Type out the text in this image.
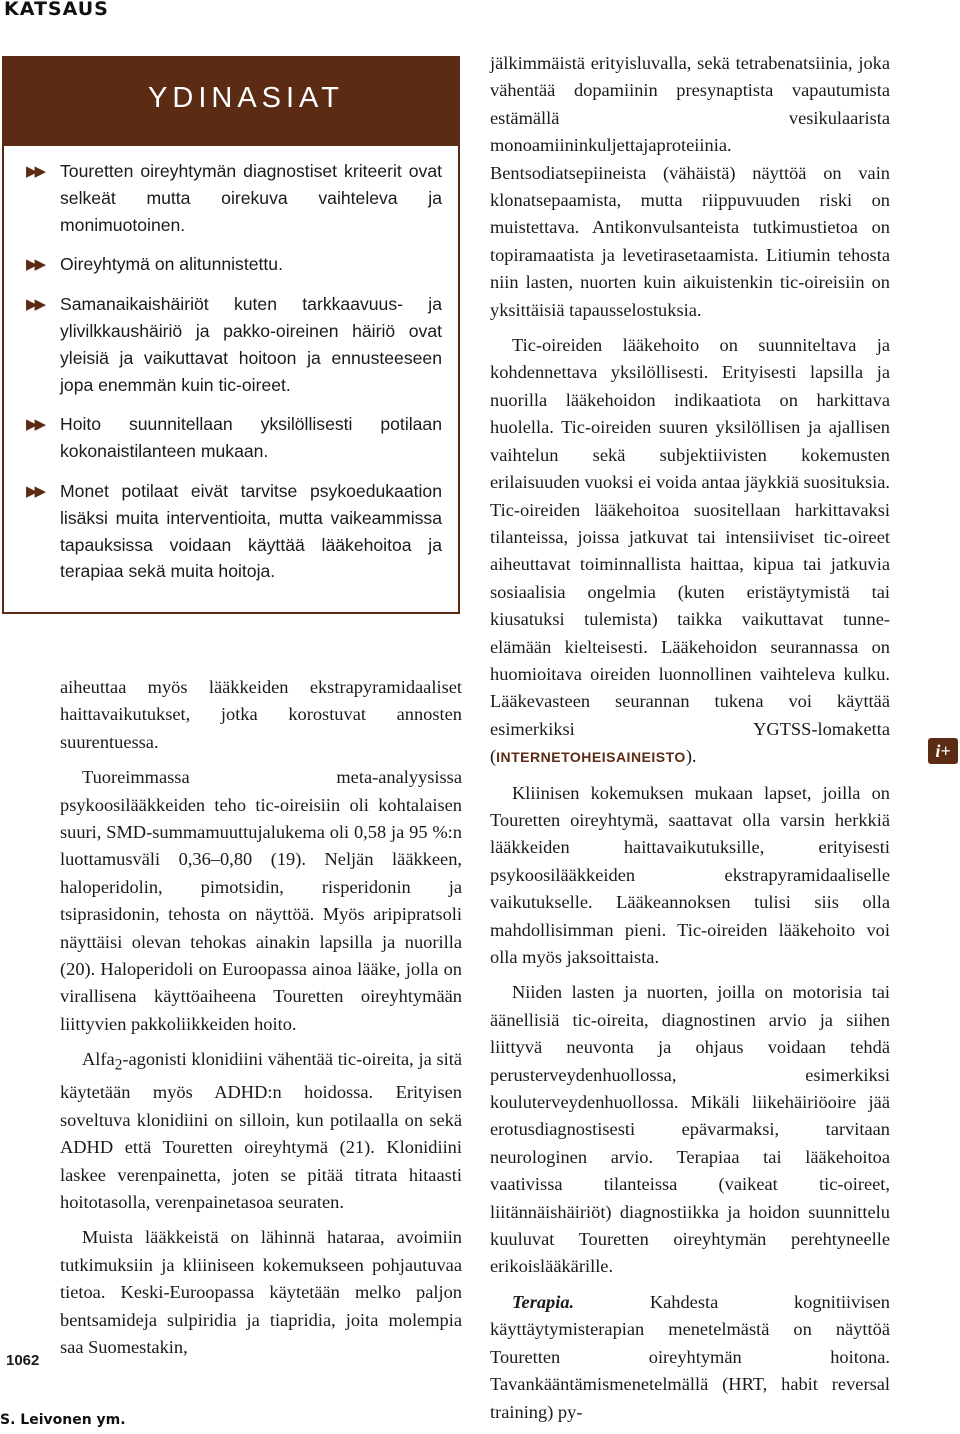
KATSAUS
YDINASIAT
▶▶ Touretten oireyhtymän diagnostiset kriteerit ovat selkeät mutta oirekuva vaihteleva ja monimuotoinen.
▶▶ Oireyhtymä on alitunnistettu.
▶▶ Samanaikaishäiriöt kuten tarkkaavuus- ja ylivilkkaushäiriö ja pakko-oireinen häiriö ovat yleisiä ja vaikuttavat hoitoon ja ennusteeseen jopa enemmän kuin tic-oireet.
▶▶ Hoito suunnitellaan yksilöllisesti potilaan kokonaistilanteen mukaan.
▶▶ Monet potilaat eivät tarvitse psykoedukaation lisäksi muita interventioita, mutta vaikeammissa tapauksissa voidaan käyttää lääkehoitoa ja terapiaa sekä muita hoitoja.

aiheuttaa myös lääkkeiden ekstrapyramidaaliset haittavaikutukset, jotka korostuvat annosten suurentuessa.

Tuoreimmassa meta-analyysissa psykoosilääkkeiden teho tic-oireisiin oli kohtalaisen suuri, SMD-summamuuttujalukema oli 0,58 ja 95 %:n luottamusväli 0,36–0,80 (19). Neljän lääkkeen, haloperidolin, pimotsidin, risperidonin ja tsiprasidonin, tehosta on näyttöä. Myös aripipratsoli näyttäisi olevan tehokas ainakin lapsilla ja nuorilla (20). Haloperidoli on Euroopassa ainoa lääke, jolla on virallisena käyttöaiheena Touretten oireyhtymään liittyvien pakkoliikkeiden hoito.

Alfa$_2$-agonisti klonidiini vähentää tic-oireita, ja sitä käytetään myös ADHD:n hoidossa. Erityisen soveltuva klonidiini on silloin, kun potilaalla on sekä ADHD että Touretten oireyhtymä (21). Klonidiini laskee verenpainetta, joten se pitää titrata hitaasti hoitotasolla, verenpainetasoa seuraten.

Muista lääkkeistä on lähinnä hataraa, avoimiin tutkimuksiin ja kliiniseen kokemukseen pohjautuvaa tietoa. Keski-Euroopassa käytetään melko paljon bentsamideja sulpiridia ja tiapridia, joita molempia saa Suomestakin,

jälkimmäistä erityisluvalla, sekä tetrabenatsiinia, joka vähentää dopamiinin presynaptista vapautumista estämällä vesikulaarista monoamiininkuljettajaproteiinia. Bentsodiatsepiineista (vähäistä) näyttöä on vain klonatsepaamista, mutta riippuvuuden riski on muistettava. Antikonvulsanteista tutkimustietoa on topiramaatista ja levetirasetaamista. Litiumin tehosta niin lasten, nuorten kuin aikuistenkin tic-oireisiin on yksittäisiä tapausselostuksia.

Tic-oireiden lääkehoito on suunniteltava ja kohdennettava yksilöllisesti. Erityisesti lapsilla ja nuorilla lääkehoidon indikaatiota on harkittava huolella. Tic-oireiden suuren yksilöllisen ja ajallisen vaihtelun sekä subjektiivisten kokemusten erilaisuuden vuoksi ei voida antaa jäykkiä suosituksia. Tic-oireiden lääkehoitoa suositellaan harkittavaksi tilanteissa, joissa jatkuvat tai intensiiviset tic-oireet aiheuttavat toiminnallista haittaa, kipua tai jatkuvia sosiaalisia ongelmia (kuten eristäytymistä tai kiusatuksi tulemista) taikka vaikuttavat tunne-elämään kielteisesti. Lääkehoidon seurannassa on huomioitava oireiden luonnollinen vaihteleva kulku. Lääkevasteen seurannan tukena voi käyttää esimerkiksi YGTSS-lomaketta (INTERNETOHEISAINEISTO).

Kliinisen kokemuksen mukaan lapset, joilla on Touretten oireyhtymä, saattavat olla varsin herkkiä lääkkeiden haittavaikutuksille, erityisesti psykoosilääkkeiden ekstrapyramidaaliselle vaikutukselle. Lääkeannoksen tulisi siis olla mahdollisimman pieni. Tic-oireiden lääkehoito voi olla myös jaksoittaista.

Niiden lasten ja nuorten, joilla on motorisia tai äänellisiä tic-oireita, diagnostinen arvio ja siihen liittyvä neuvonta ja ohjaus voidaan tehdä perusterveydenhuollossa, esimerkiksi kouluterveydenhuollossa. Mikäli liikehäiriöoire jää erotusdiagnostisesti epävarmaksi, tarvitaan neurologinen arvio. Terapiaa tai lääkehoitoa vaativissa tilanteissa (vaikeat tic-oireet, liitännäishäiriöt) diagnostiikka ja hoidon suunnittelu kuuluvat Touretten oireyhtymän perehtyneelle erikoislääkärille.

Terapia. Kahdesta kognitiivisen käyttäytymisterapian menetelmästä on näyttöä Touretten oireyhtymän hoitona. Tavankääntämismenetelmällä (HRT, habit reversal training) py-

i+
1062
S. Leivonen ym.
